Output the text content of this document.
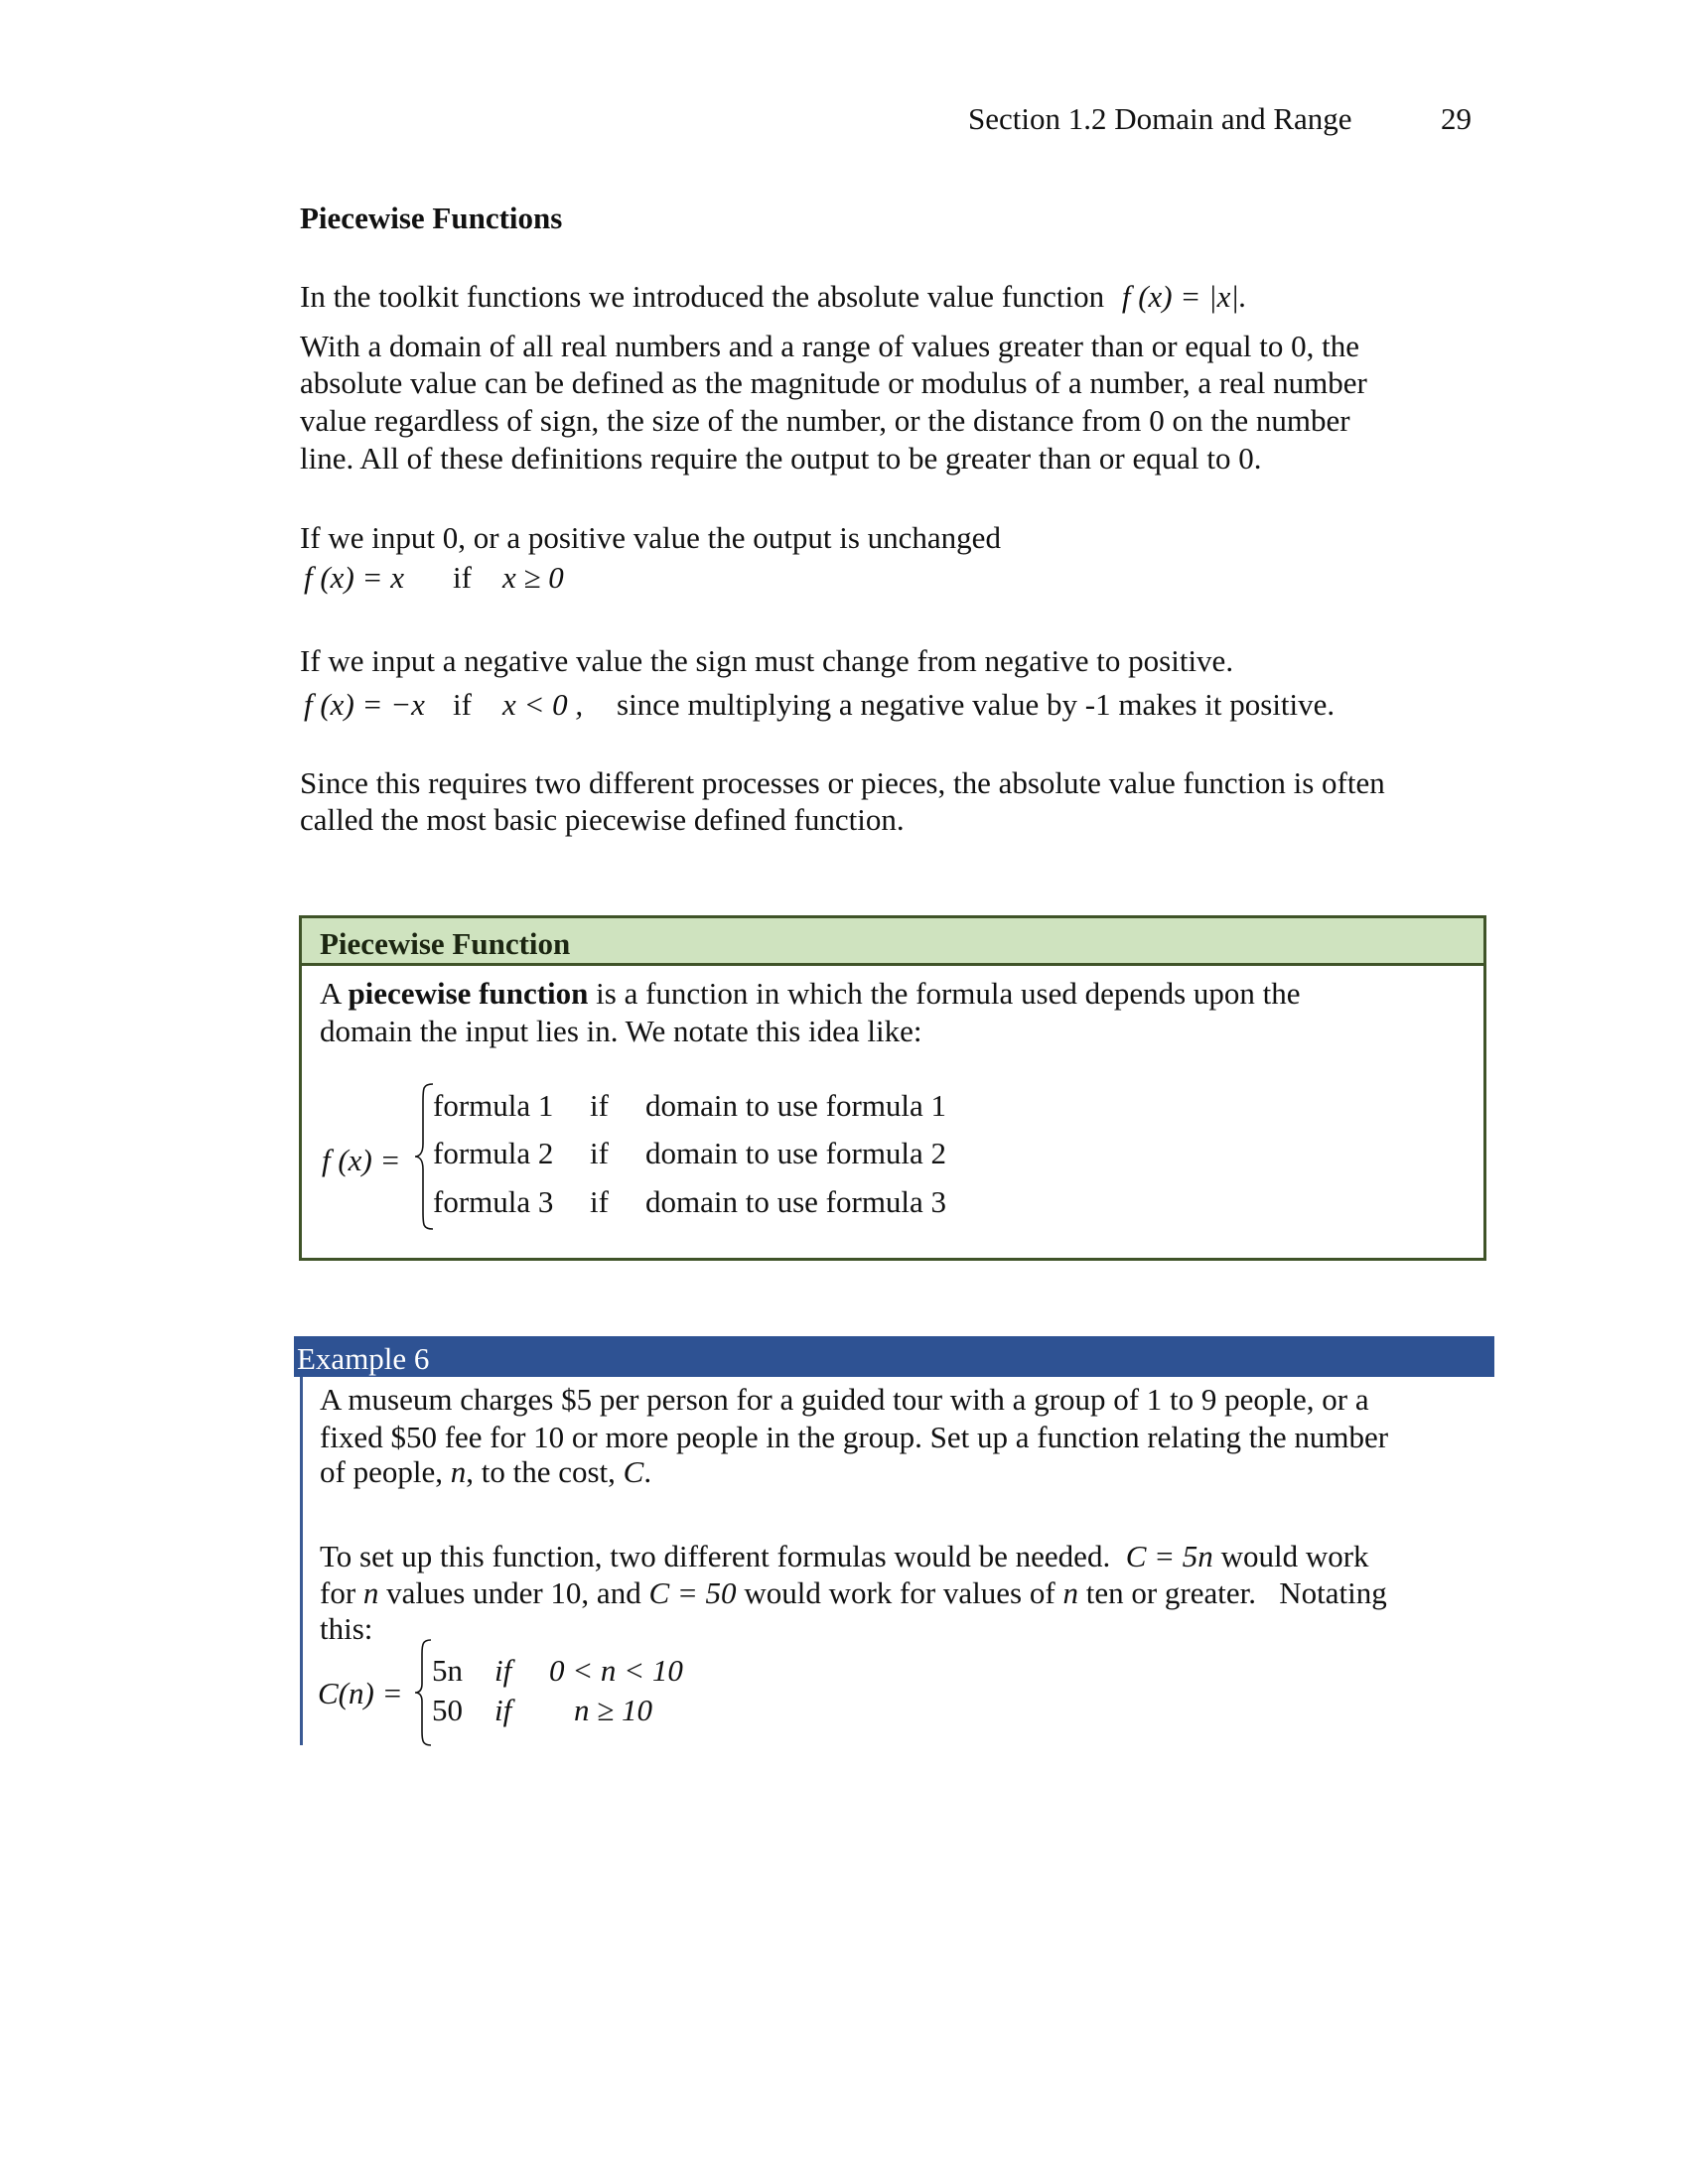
Section 1.2 Domain and Range	29
Piecewise Functions
In the toolkit functions we introduced the absolute value function f (x) = |x|.
With a domain of all real numbers and a range of values greater than or equal to 0, the
absolute value can be defined as the magnitude or modulus of a number, a real number
value regardless of sign, the size of the number, or the distance from 0 on the number
line. All of these definitions require the output to be greater than or equal to 0.
If we input 0, or a positive value the output is unchanged
f (x) = x if x ≥ 0
If we input a negative value the sign must change from negative to positive.
f (x) = −x if x < 0 , since multiplying a negative value by -1 makes it positive.
Since this requires two different processes or pieces, the absolute value function is often
called the most basic piecewise defined function.
Piecewise Function
A piecewise function is a function in which the formula used depends upon the
domain the input lies in. We notate this idea like:
f (x) =
formula 1 if domain to use formula 1
formula 2 if domain to use formula 2
formula 3 if domain to use formula 3
Example 6
A museum charges $5 per person for a guided tour with a group of 1 to 9 people, or a
fixed $50 fee for 10 or more people in the group. Set up a function relating the number
of people, n, to the cost, C.
To set up this function, two different formulas would be needed.  C = 5n would work
for n values under 10, and C = 50 would work for values of n ten or greater.   Notating
this:
C(n) =
5n if 0 < n < 10
50 if n ≥ 10
